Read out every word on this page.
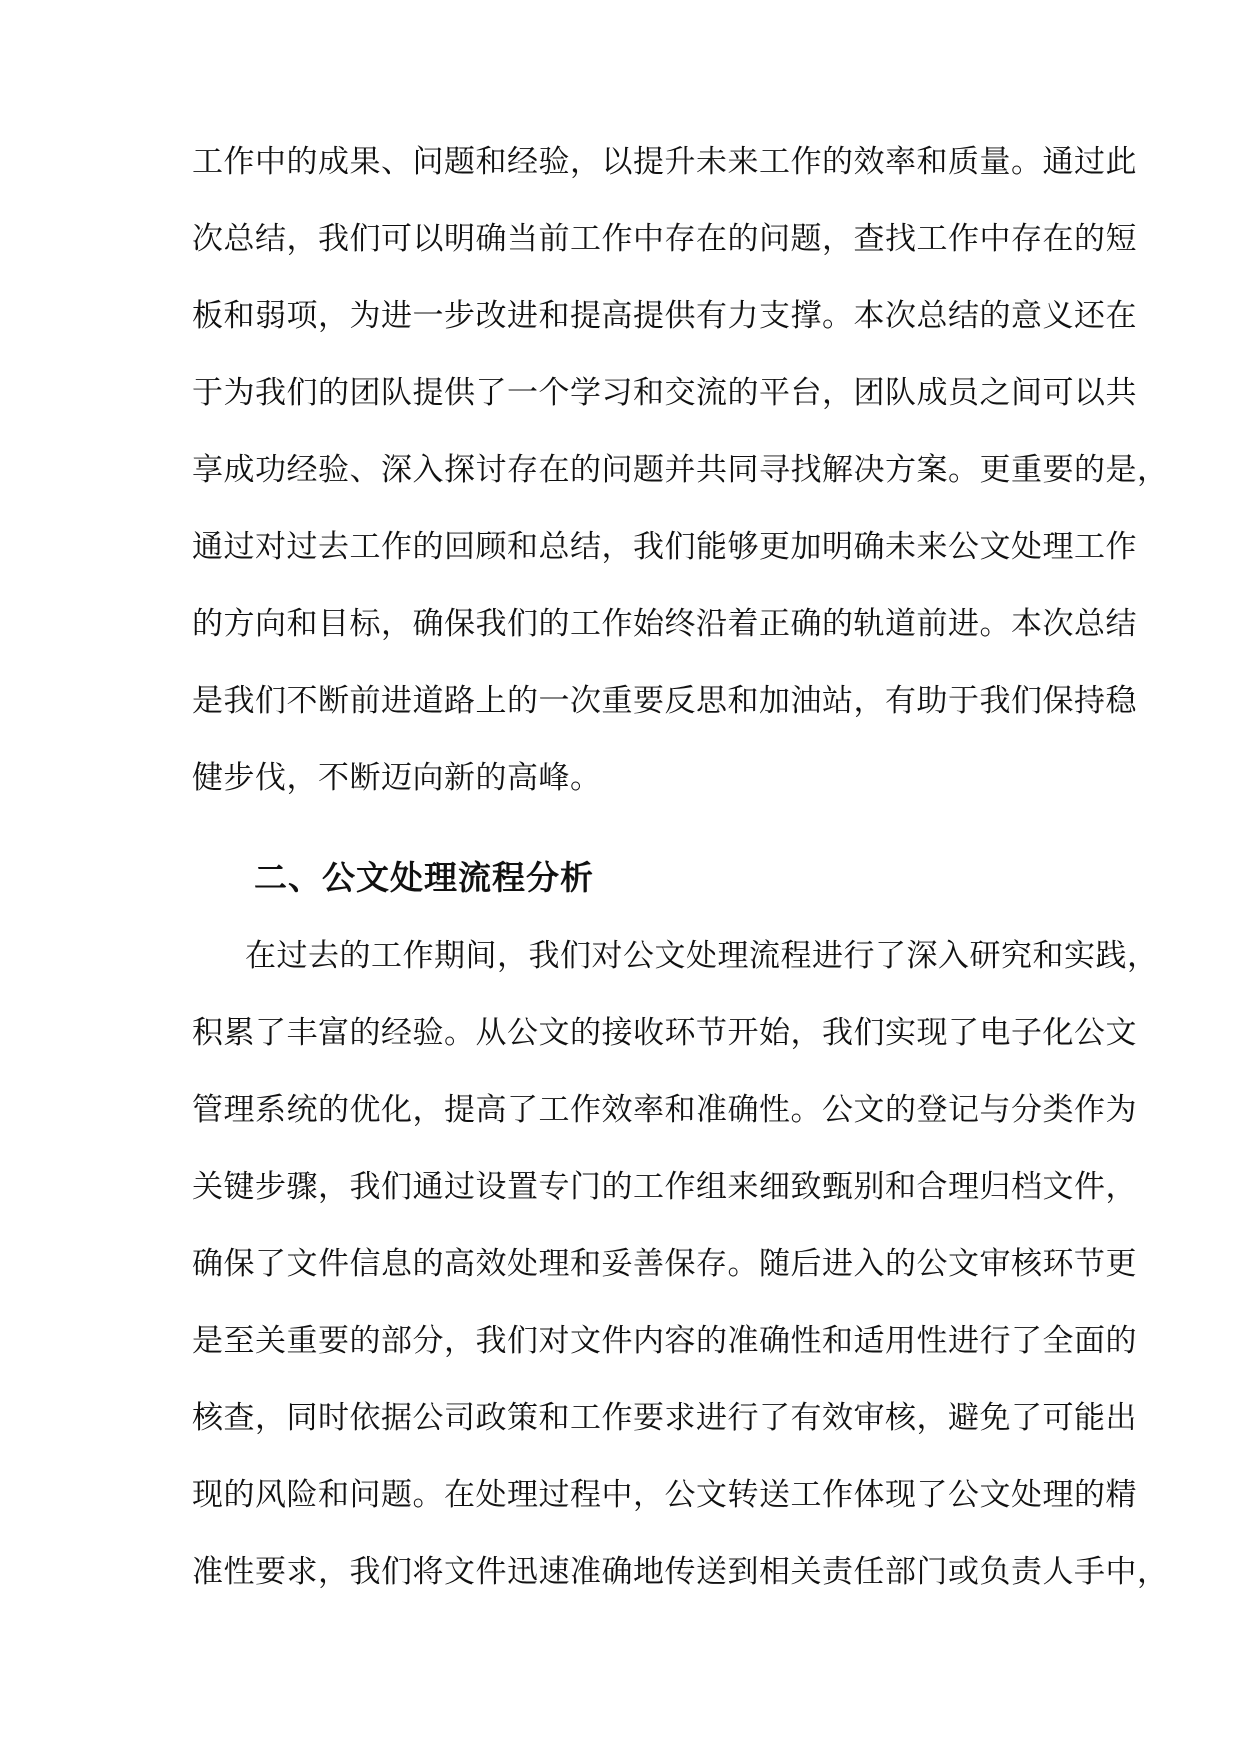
工作中的成果、问题和经验，以提升未来工作的效率和质量。通过此
次总结，我们可以明确当前工作中存在的问题，查找工作中存在的短
板和弱项，为进一步改进和提高提供有力支撑。本次总结的意义还在
于为我们的团队提供了一个学习和交流的平台，团队成员之间可以共
享成功经验、深入探讨存在的问题并共同寻找解决方案。更重要的是，
通过对过去工作的回顾和总结，我们能够更加明确未来公文处理工作
的方向和目标，确保我们的工作始终沿着正确的轨道前进。本次总结
是我们不断前进道路上的一次重要反思和加油站，有助于我们保持稳
健步伐，不断迈向新的高峰。
二、公文处理流程分析
在过去的工作期间，我们对公文处理流程进行了深入研究和实践，
积累了丰富的经验。从公文的接收环节开始，我们实现了电子化公文
管理系统的优化，提高了工作效率和准确性。公文的登记与分类作为
关键步骤，我们通过设置专门的工作组来细致甄别和合理归档文件，
确保了文件信息的高效处理和妥善保存。随后进入的公文审核环节更
是至关重要的部分，我们对文件内容的准确性和适用性进行了全面的
核查，同时依据公司政策和工作要求进行了有效审核，避免了可能出
现的风险和问题。在处理过程中，公文转送工作体现了公文处理的精
准性要求，我们将文件迅速准确地传送到相关责任部门或负责人手中，
